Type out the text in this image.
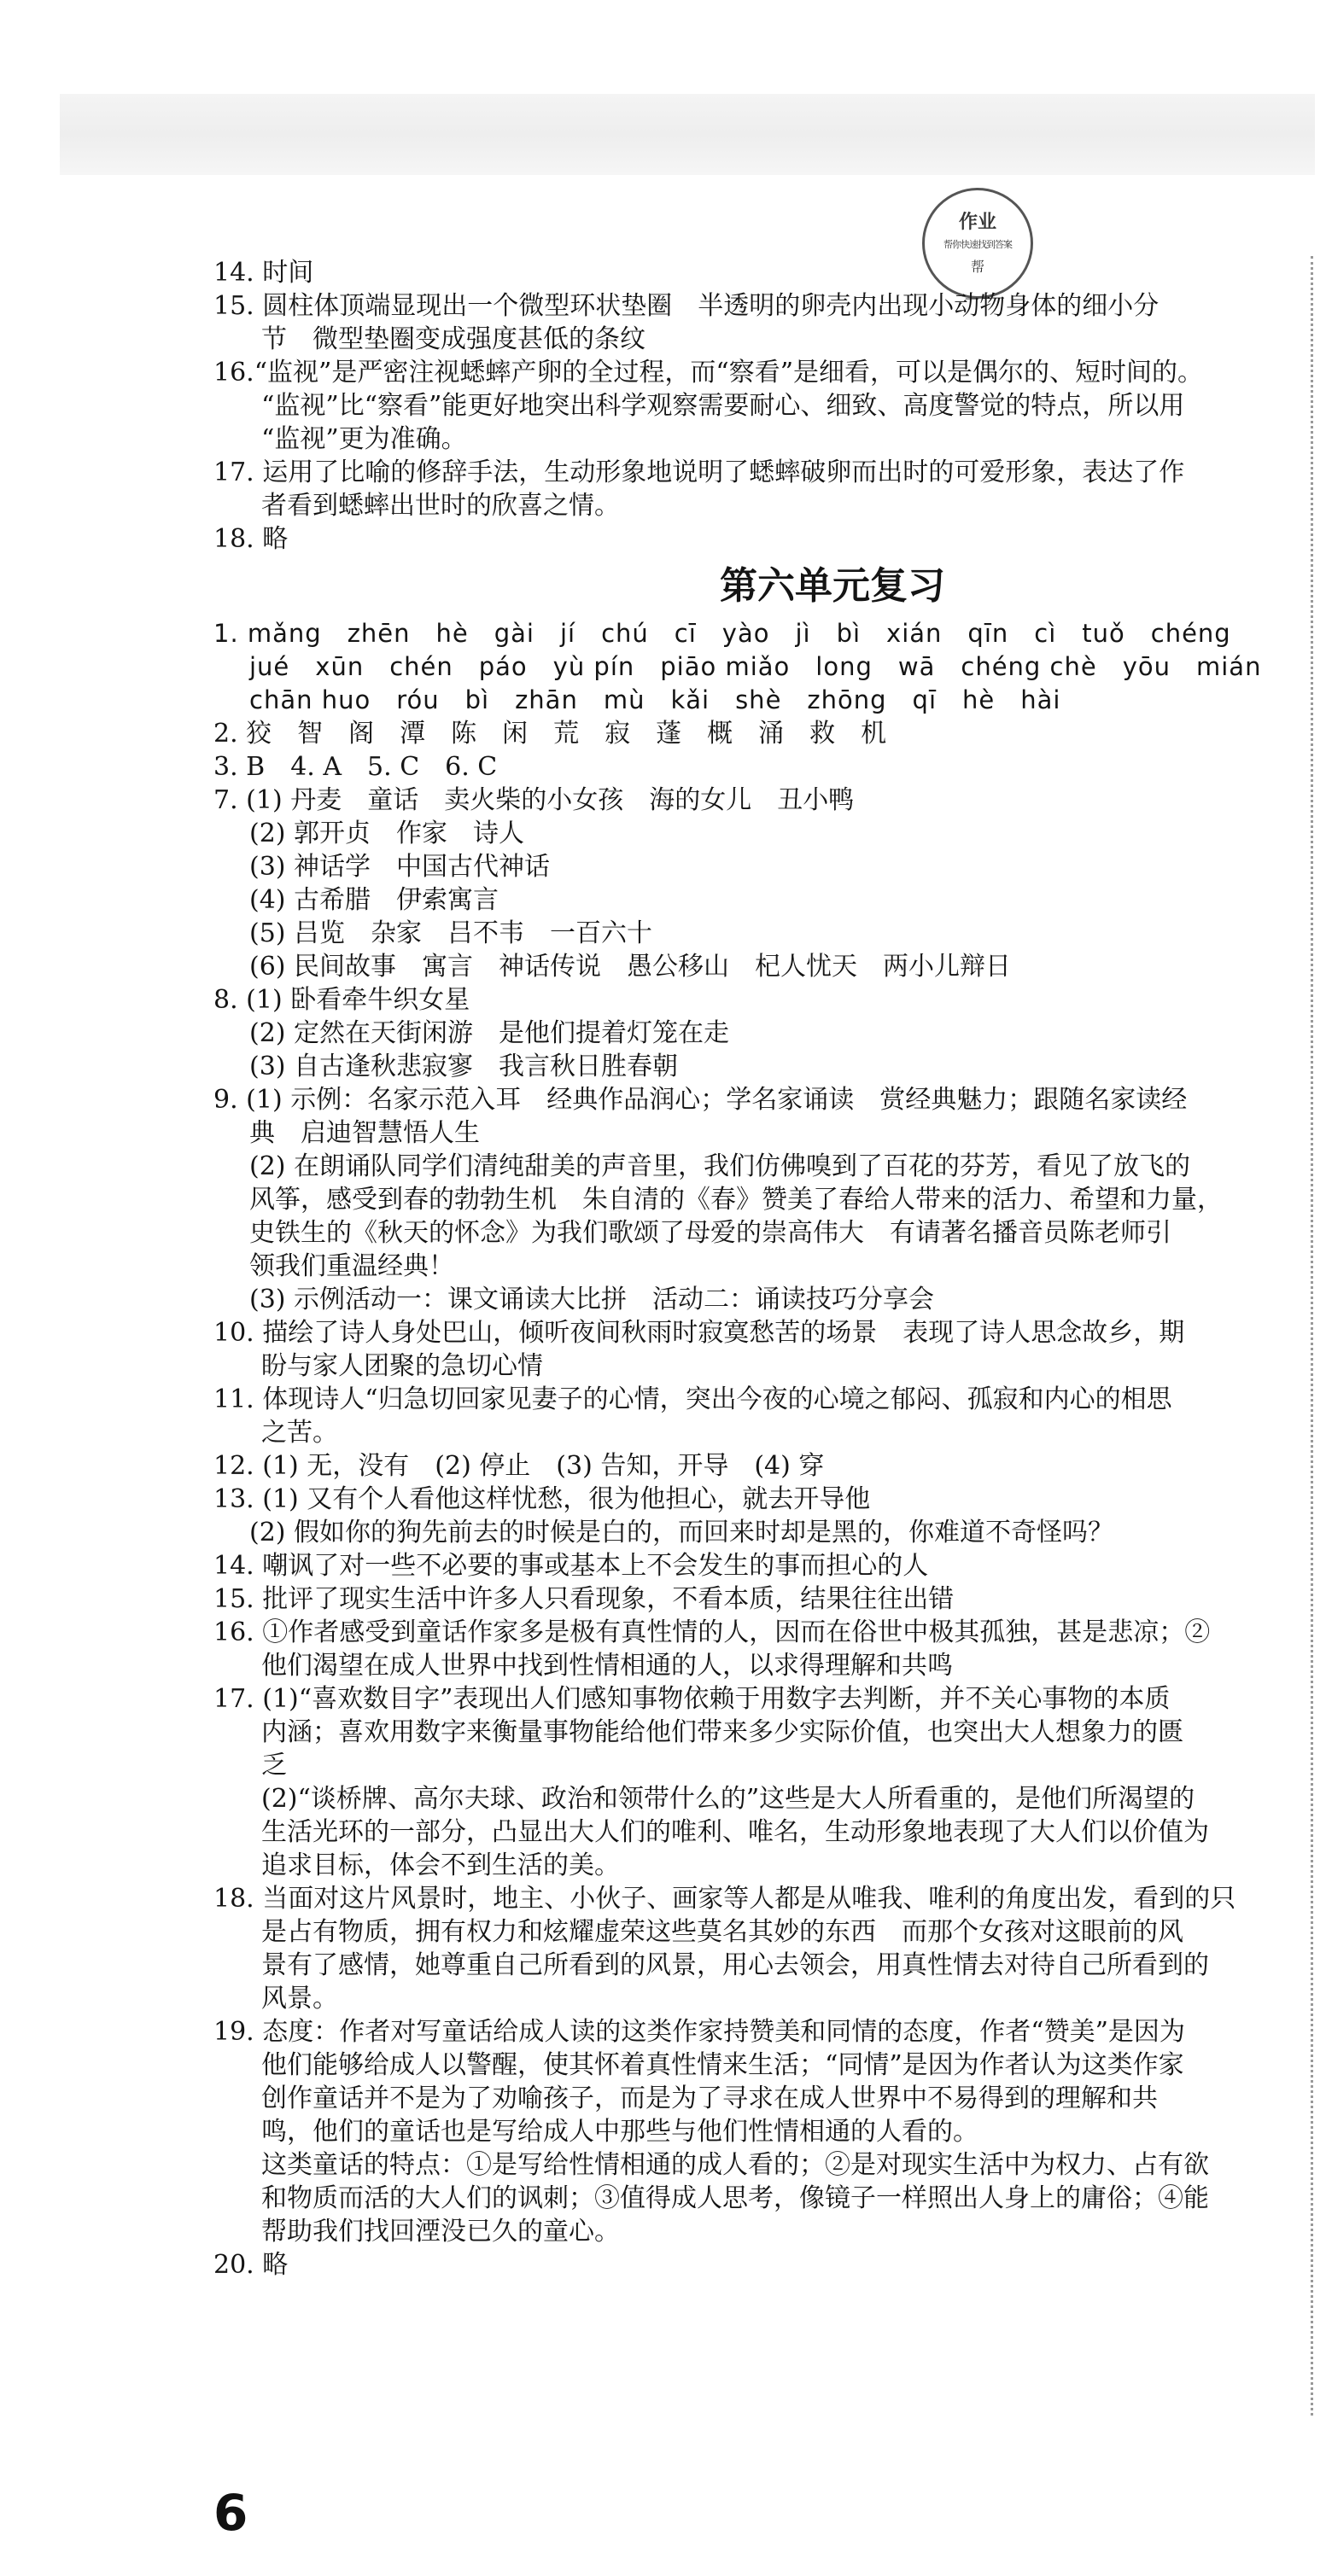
作业
帮你快速找到答案
帮
14. 时间
15. 圆柱体顶端显现出一个微型环状垫圈　半透明的卵壳内出现小动物身体的细小分
节　微型垫圈变成强度甚低的条纹
16.“监视”是严密注视蟋蟀产卵的全过程，而“察看”是细看，可以是偶尔的、短时间的。
“监视”比“察看”能更好地突出科学观察需要耐心、细致、高度警觉的特点，所以用
“监视”更为准确。
17. 运用了比喻的修辞手法，生动形象地说明了蟋蟀破卵而出时的可爱形象，表达了作
者看到蟋蟀出世时的欣喜之情。
18. 略
第六单元复习
1. mǎng　zhēn　hè　gài　jí　chú　cī　yào　jì　bì　xián　qīn　cì　tuǒ　chéng
jué　xūn　chén　páo　yù pín　piāo miǎo　long　wā　chéng chè　yōu　mián
chān huo　róu　bì　zhān　mù　kǎi　shè　zhōng　qī　hè　hài
2. 狡　智　阁　潭　陈　闲　荒　寂　蓬　概　涌　救　机
3. B　4. A　5. C　6. C
7. (1) 丹麦　童话　卖火柴的小女孩　海的女儿　丑小鸭
(2) 郭开贞　作家　诗人
(3) 神话学　中国古代神话
(4) 古希腊　伊索寓言
(5) 吕览　杂家　吕不韦　一百六十
(6) 民间故事　寓言　神话传说　愚公移山　杞人忧天　两小儿辩日
8. (1) 卧看牵牛织女星
(2) 定然在天街闲游　是他们提着灯笼在走
(3) 自古逢秋悲寂寥　我言秋日胜春朝
9. (1) 示例：名家示范入耳　经典作品润心；学名家诵读　赏经典魅力；跟随名家读经
典　启迪智慧悟人生
(2) 在朗诵队同学们清纯甜美的声音里，我们仿佛嗅到了百花的芬芳，看见了放飞的
风筝，感受到春的勃勃生机　朱自清的《春》赞美了春给人带来的活力、希望和力量，
史铁生的《秋天的怀念》为我们歌颂了母爱的崇高伟大　有请著名播音员陈老师引
领我们重温经典！
(3) 示例活动一：课文诵读大比拼　活动二：诵读技巧分享会
10. 描绘了诗人身处巴山，倾听夜间秋雨时寂寞愁苦的场景　表现了诗人思念故乡，期
盼与家人团聚的急切心情
11. 体现诗人“归急切回家见妻子的心情，突出今夜的心境之郁闷、孤寂和内心的相思
之苦。
12. (1) 无，没有　(2) 停止　(3) 告知，开导　(4) 穿
13. (1) 又有个人看他这样忧愁，很为他担心，就去开导他
(2) 假如你的狗先前去的时候是白的，而回来时却是黑的，你难道不奇怪吗？
14. 嘲讽了对一些不必要的事或基本上不会发生的事而担心的人
15. 批评了现实生活中许多人只看现象，不看本质，结果往往出错
16. ①作者感受到童话作家多是极有真性情的人，因而在俗世中极其孤独，甚是悲凉；②
他们渴望在成人世界中找到性情相通的人，以求得理解和共鸣
17. (1)“喜欢数目字”表现出人们感知事物依赖于用数字去判断，并不关心事物的本质
内涵；喜欢用数字来衡量事物能给他们带来多少实际价值，也突出大人想象力的匮
乏
(2)“谈桥牌、高尔夫球、政治和领带什么的”这些是大人所看重的，是他们所渴望的
生活光环的一部分，凸显出大人们的唯利、唯名，生动形象地表现了大人们以价值为
追求目标，体会不到生活的美。
18. 当面对这片风景时，地主、小伙子、画家等人都是从唯我、唯利的角度出发，看到的只
是占有物质，拥有权力和炫耀虚荣这些莫名其妙的东西　而那个女孩对这眼前的风
景有了感情，她尊重自己所看到的风景，用心去领会，用真性情去对待自己所看到的
风景。
19. 态度：作者对写童话给成人读的这类作家持赞美和同情的态度，作者“赞美”是因为
他们能够给成人以警醒，使其怀着真性情来生活；“同情”是因为作者认为这类作家
创作童话并不是为了劝喻孩子，而是为了寻求在成人世界中不易得到的理解和共
鸣，他们的童话也是写给成人中那些与他们性情相通的人看的。
这类童话的特点：①是写给性情相通的成人看的；②是对现实生活中为权力、占有欲
和物质而活的大人们的讽刺；③值得成人思考，像镜子一样照出人身上的庸俗；④能
帮助我们找回湮没已久的童心。
20. 略
6
